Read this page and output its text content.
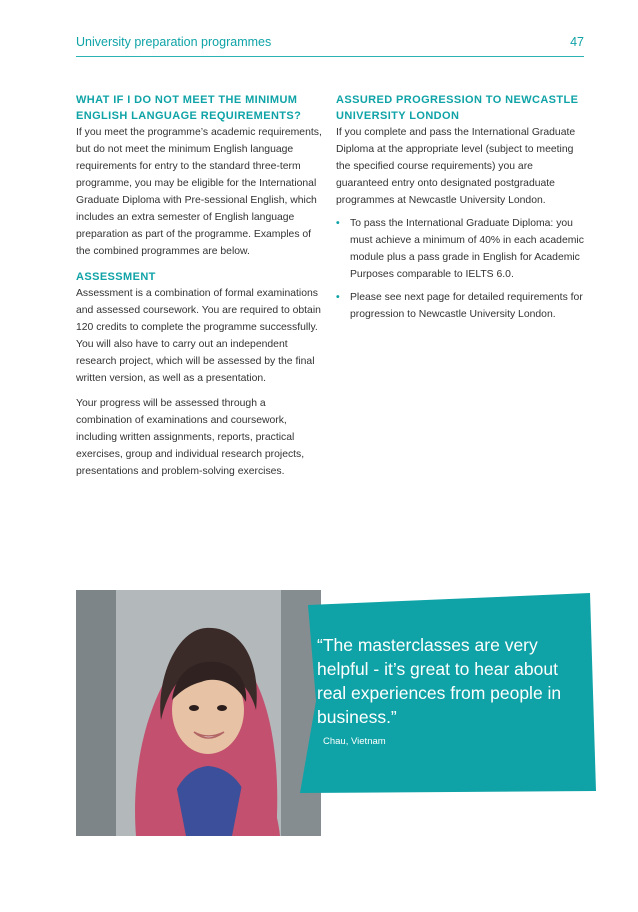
University preparation programmes	47
WHAT IF I DO NOT MEET THE MINIMUM ENGLISH LANGUAGE REQUIREMENTS?

If you meet the programme’s academic requirements, but do not meet the minimum English language requirements for entry to the standard three-term programme, you may be eligible for the International Graduate Diploma with Pre-sessional English, which includes an extra semester of English language preparation as part of the programme. Examples of the combined programmes are below.

ASSESSMENT

Assessment is a combination of formal examinations and assessed coursework. You are required to obtain 120 credits to complete the programme successfully. You will also have to carry out an independent research project, which will be assessed by the final written version, as well as a presentation.

Your progress will be assessed through a combination of examinations and coursework, including written assignments, reports, practical exercises, group and individual research projects, presentations and problem-solving exercises.

ASSURED PROGRESSION TO NEWCASTLE UNIVERSITY LONDON

If you complete and pass the International Graduate Diploma at the appropriate level (subject to meeting the specified course requirements) you are guaranteed entry onto designated postgraduate programmes at Newcastle University London.

• To pass the International Graduate Diploma: you must achieve a minimum of 40% in each academic module plus a pass grade in English for Academic Purposes comparable to IELTS 6.0.
• Please see next page for detailed requirements for progression to Newcastle University London.
“The masterclasses are very helpful - it’s great to hear about real experiences from people in business.”
Chau, Vietnam
